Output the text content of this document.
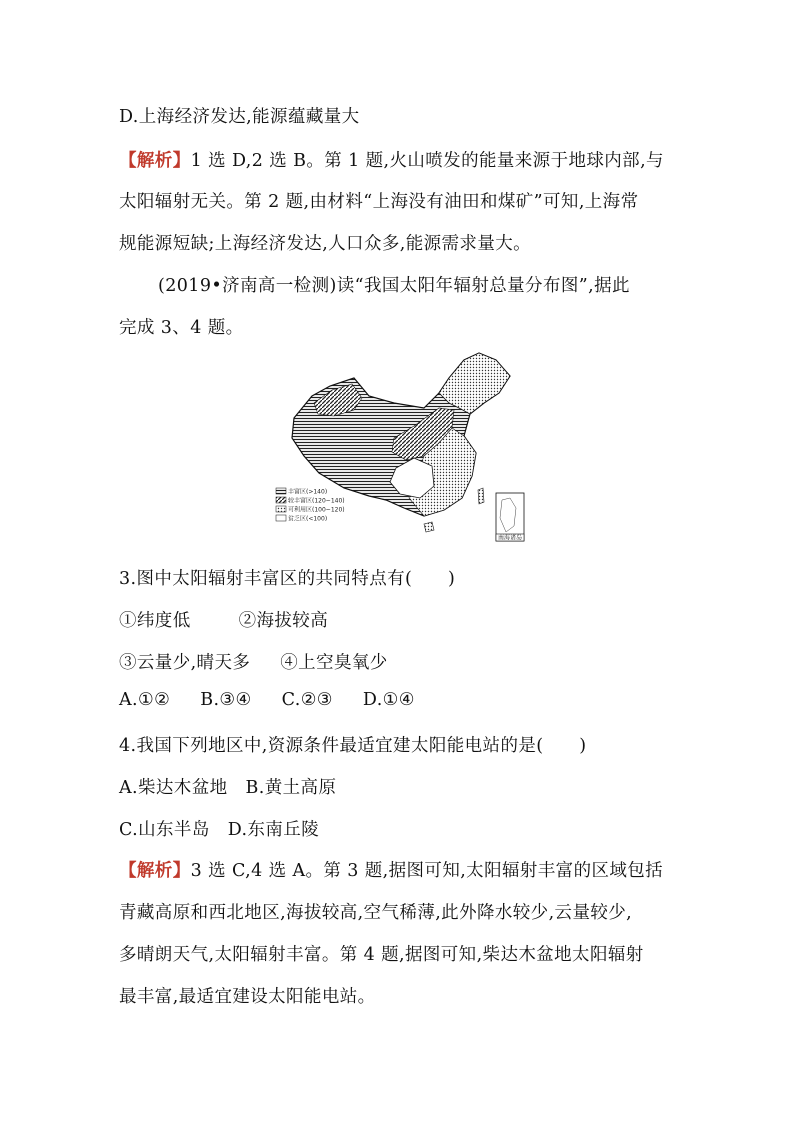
D.上海经济发达,能源蕴藏量大
【解析】1 选 D,2 选 B。第 1 题,火山喷发的能量来源于地球内部,与
太阳辐射无关。第 2 题,由材料“上海没有油田和煤矿”可知,上海常
规能源短缺;上海经济发达,人口众多,能源需求量大。
(2019•济南高一检测)读“我国太阳年辐射总量分布图”,据此
完成 3、4 题。
南海诸岛
丰富区(>140)
较丰富区(120~140)
可利用区(100~120)
贫乏区(<100)
3.图中太阳辐射丰富区的共同特点有(　　)
①纬度低	②海拔较高
③云量少,晴天多 ④上空臭氧少
A.①② B.③④ C.②③ D.①④
4.我国下列地区中,资源条件最适宜建太阳能电站的是(　　)
A.柴达木盆地 B.黄土高原
C.山东半岛 D.东南丘陵
【解析】3 选 C,4 选 A。第 3 题,据图可知,太阳辐射丰富的区域包括
青藏高原和西北地区,海拔较高,空气稀薄,此外降水较少,云量较少,
多晴朗天气,太阳辐射丰富。第 4 题,据图可知,柴达木盆地太阳辐射
最丰富,最适宜建设太阳能电站。
